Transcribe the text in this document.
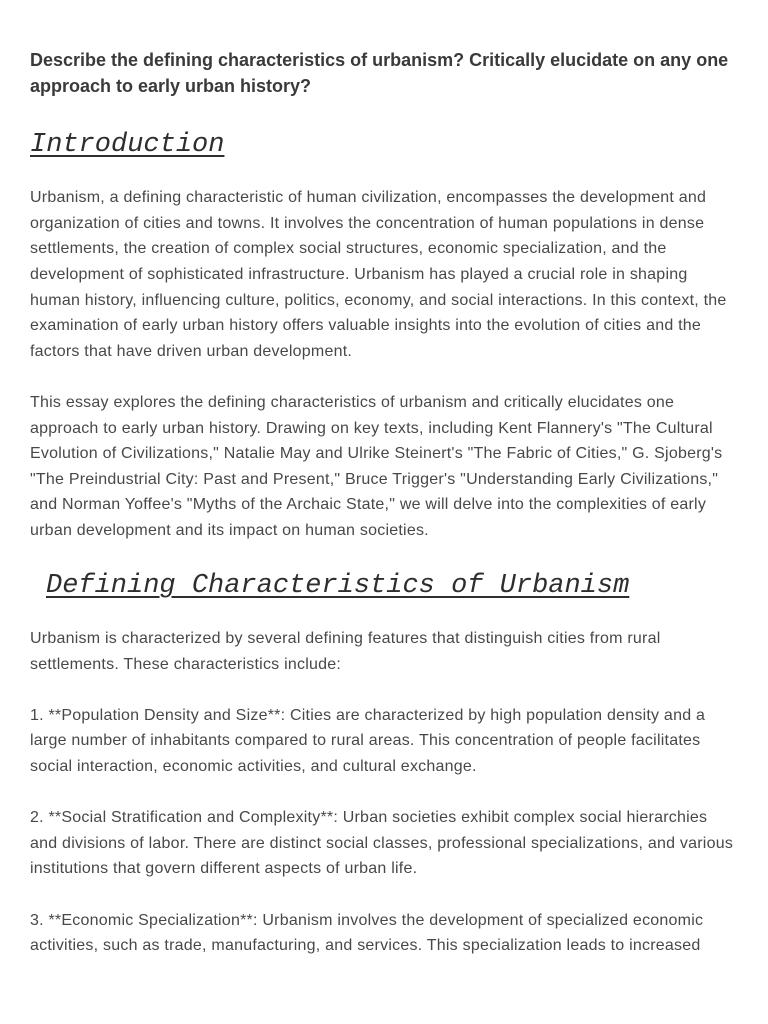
Describe the defining characteristics of urbanism? Critically elucidate on any one
approach to early urban history?

Introduction

Urbanism, a defining characteristic of human civilization, encompasses the development and
organization of cities and towns. It involves the concentration of human populations in dense
settlements, the creation of complex social structures, economic specialization, and the
development of sophisticated infrastructure. Urbanism has played a crucial role in shaping
human history, influencing culture, politics, economy, and social interactions. In this context, the
examination of early urban history offers valuable insights into the evolution of cities and the
factors that have driven urban development.

This essay explores the defining characteristics of urbanism and critically elucidates one
approach to early urban history. Drawing on key texts, including Kent Flannery's "The Cultural
Evolution of Civilizations," Natalie May and Ulrike Steinert's "The Fabric of Cities," G. Sjoberg's
"The Preindustrial City: Past and Present," Bruce Trigger's "Understanding Early Civilizations,"
and Norman Yoffee's "Myths of the Archaic State," we will delve into the complexities of early
urban development and its impact on human societies.

Defining Characteristics of Urbanism

Urbanism is characterized by several defining features that distinguish cities from rural
settlements. These characteristics include:

1. **Population Density and Size**: Cities are characterized by high population density and a
large number of inhabitants compared to rural areas. This concentration of people facilitates
social interaction, economic activities, and cultural exchange.

2. **Social Stratification and Complexity**: Urban societies exhibit complex social hierarchies
and divisions of labor. There are distinct social classes, professional specializations, and various
institutions that govern different aspects of urban life.

3. **Economic Specialization**: Urbanism involves the development of specialized economic
activities, such as trade, manufacturing, and services. This specialization leads to increased
